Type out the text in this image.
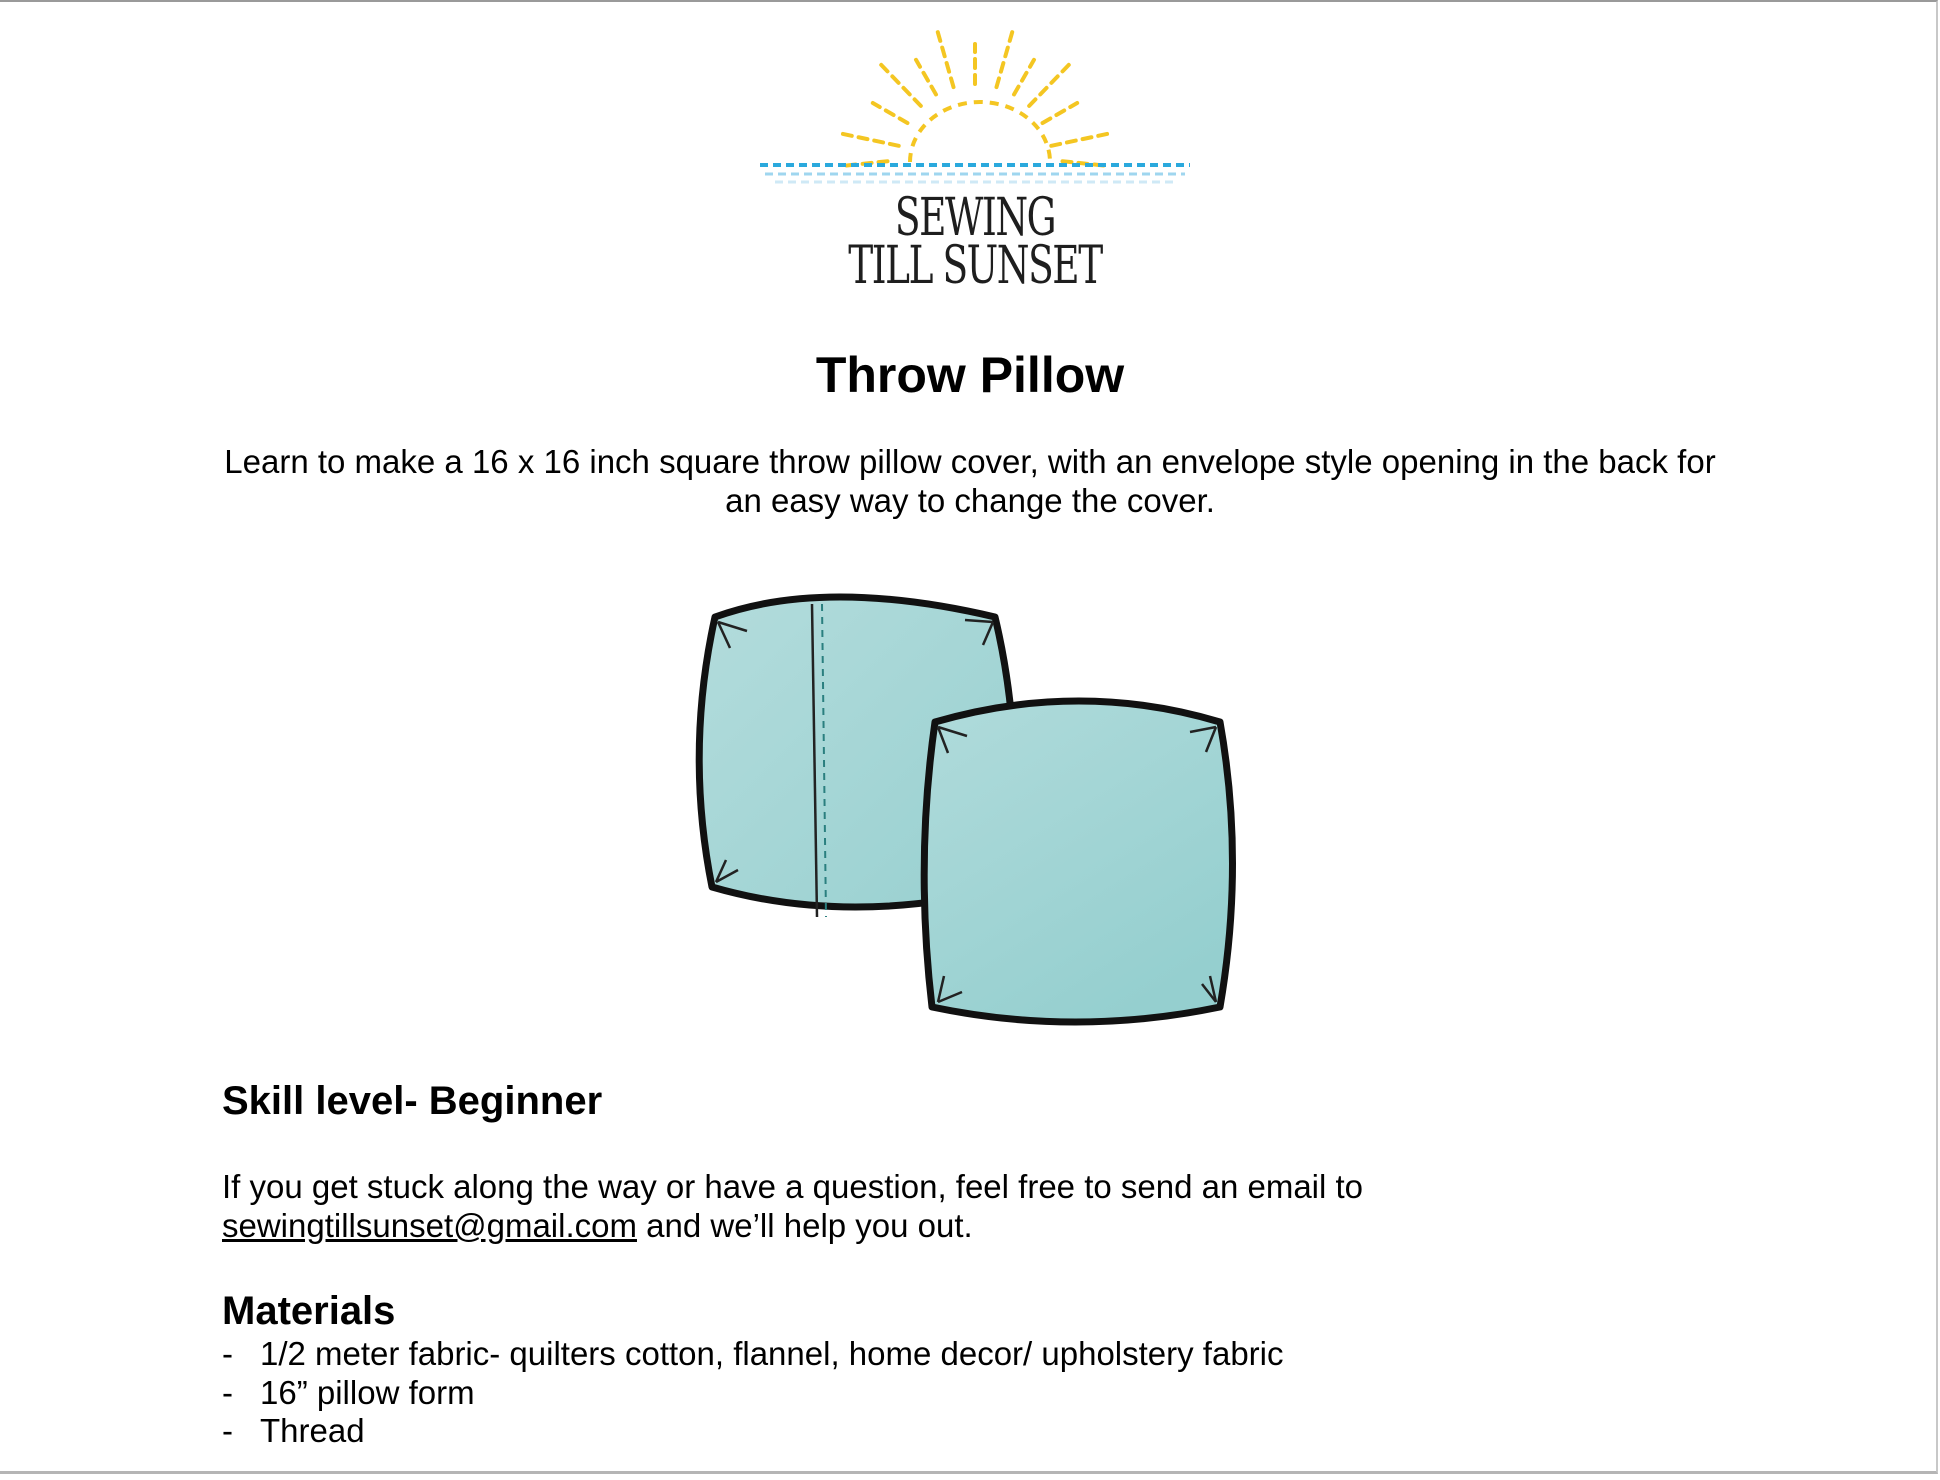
SEWING
TILL SUNSET
Throw Pillow
Learn to make a 16 x 16 inch square throw pillow cover, with an envelope style opening in the back for an easy way to change the cover.
Skill level- Beginner
If you get stuck along the way or have a question, feel free to send an email to
sewingtillsunset@gmail.com and we’ll help you out.
Materials
- 1/2 meter fabric- quilters cotton, flannel, home decor/ upholstery fabric
- 16” pillow form
- Thread
